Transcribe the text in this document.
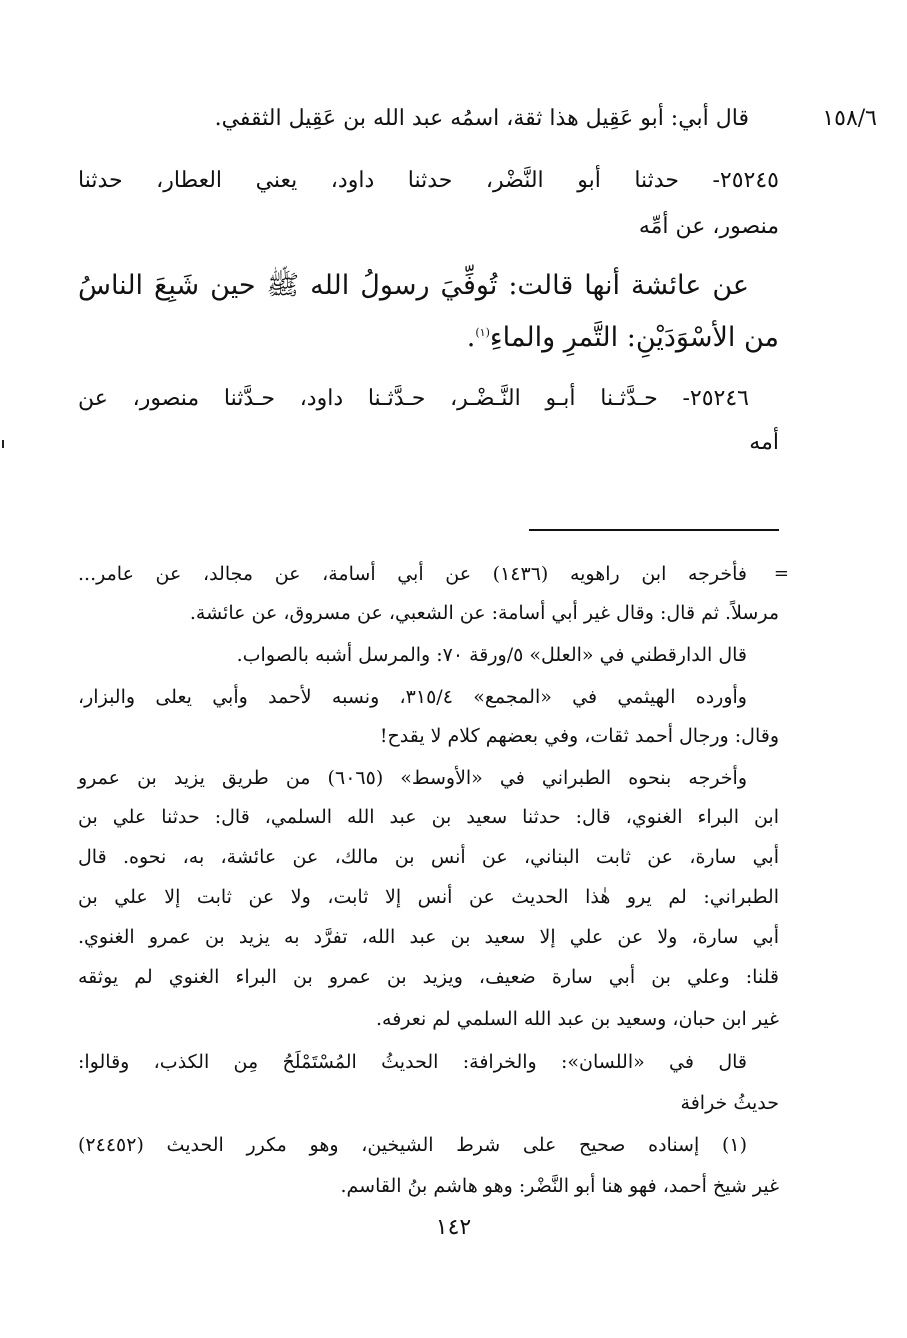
١٥٨/٦
قال أبي: أبو عَقِيل هذا ثقة، اسمُه عبد الله بن عَقِيل الثقفي.
٢٥٢٤٥- حدثنا أبو النَّضْر، حدثنا داود، يعني العطار، حدثنا
منصور، عن أمِّه
عن عائشة أنها قالت: تُوفِّيَ رسولُ الله ﷺ حين شَبِعَ الناسُ
من الأسْوَدَيْنِ: التَّمرِ والماءِ$^{(١)}$.
٢٥٢٤٦- حـدَّثـنا أبـو النَّـضْـر، حـدَّثـنا داود، حـدَّثنا منصور، عن
أمه
=
فأخرجه ابن راهويه (١٤٣٦) عن أبي أسامة، عن مجالد، عن عامر...
مرسلاً. ثم قال: وقال غير أبي أسامة: عن الشعبي، عن مسروق، عن عائشة.
قال الدارقطني في «العلل» ٥/ورقة ٧٠: والمرسل أشبه بالصواب.
وأورده الهيثمي في «المجمع» ٣١٥/٤، ونسبه لأحمد وأبي يعلى والبزار،
وقال: ورجال أحمد ثقات، وفي بعضهم كلام لا يقدح!
وأخرجه بنحوه الطبراني في «الأوسط» (٦٠٦٥) من طريق يزيد بن عمرو
ابن البراء الغنوي، قال: حدثنا سعيد بن عبد الله السلمي، قال: حدثنا علي بن
أبي سارة، عن ثابت البناني، عن أنس بن مالك، عن عائشة، به، نحوه. قال
الطبراني: لم يرو هٰذا الحديث عن أنس إلا ثابت، ولا عن ثابت إلا علي بن
أبي سارة، ولا عن علي إلا سعيد بن عبد الله، تفرَّد به يزيد بن عمرو الغنوي.
قلنا: وعلي بن أبي سارة ضعيف، ويزيد بن عمرو بن البراء الغنوي لم يوثقه
غير ابن حبان، وسعيد بن عبد الله السلمي لم نعرفه.
قال في «اللسان»: والخرافة: الحديثُ المُسْتَمْلَحُ مِن الكذب، وقالوا:
حديثُ خرافة
(١) إسناده صحيح على شرط الشيخين، وهو مكرر الحديث (٢٤٤٥٢)
غير شيخ أحمد، فهو هنا أبو النَّضْر: وهو هاشم بنُ القاسم.
١٤٢
